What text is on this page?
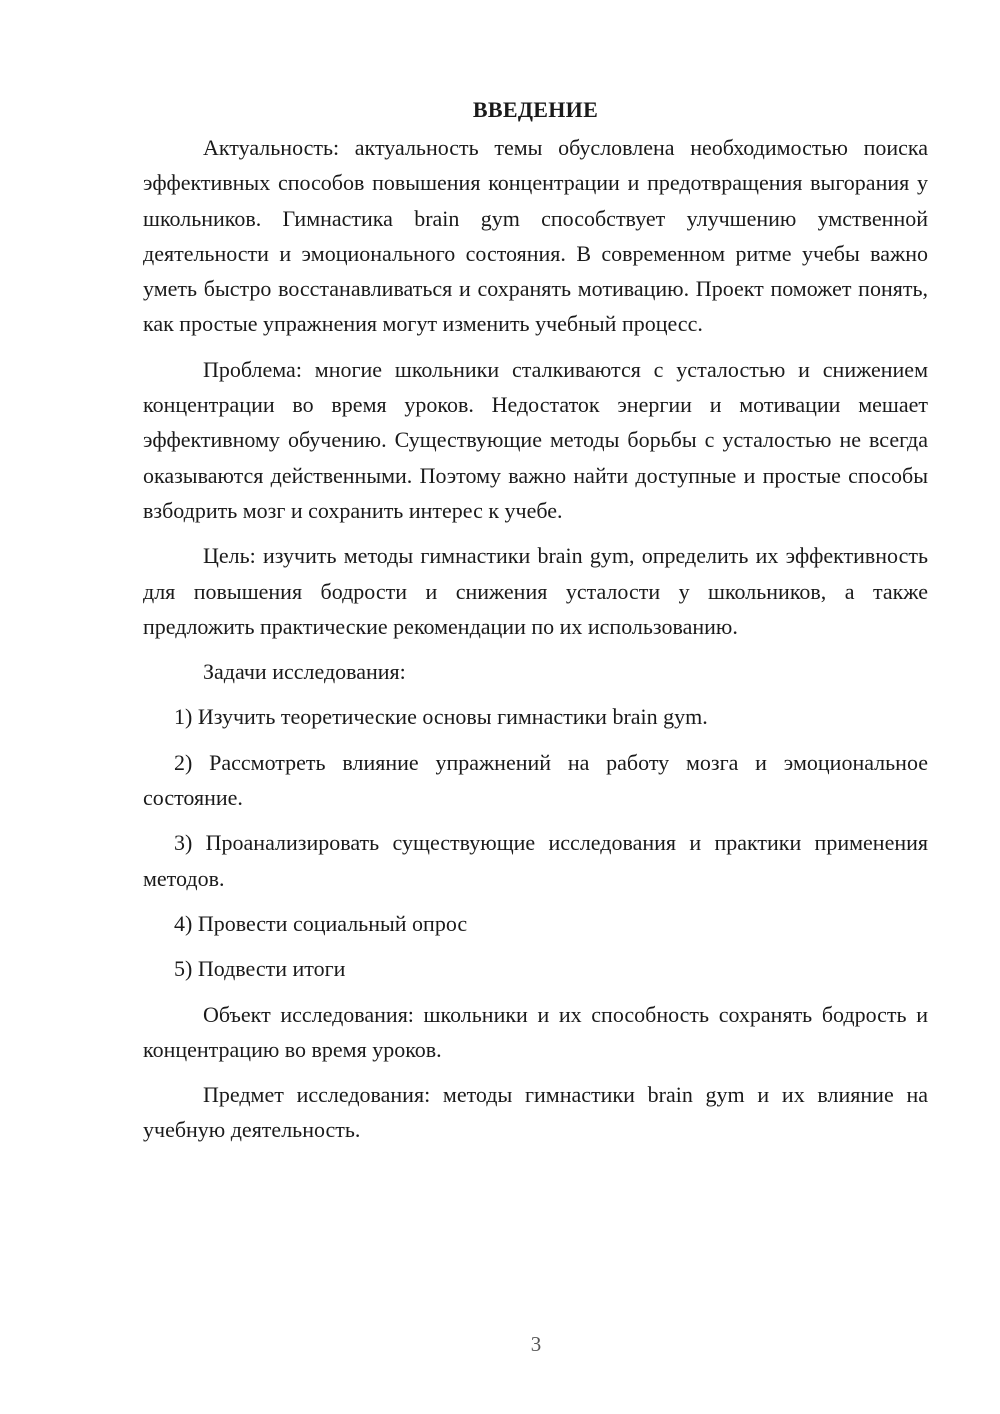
ВВЕДЕНИЕ

Актуальность: актуальность темы обусловлена необходимостью поиска эффективных способов повышения концентрации и предотвращения выгорания у школьников. Гимнастика brain gym способствует улучшению умственной деятельности и эмоционального состояния. В современном ритме учебы важно уметь быстро восстанавливаться и сохранять мотивацию. Проект поможет понять, как простые упражнения могут изменить учебный процесс.

Проблема: многие школьники сталкиваются с усталостью и снижением концентрации во время уроков. Недостаток энергии и мотивации мешает эффективному обучению. Существующие методы борьбы с усталостью не всегда оказываются действенными. Поэтому важно найти доступные и простые способы взбодрить мозг и сохранить интерес к учебе.

Цель: изучить методы гимнастики brain gym, определить их эффективность для повышения бодрости и снижения усталости у школьников, а также предложить практические рекомендации по их использованию.

Задачи исследования:

1) Изучить теоретические основы гимнастики brain gym.

2) Рассмотреть влияние упражнений на работу мозга и эмоциональное состояние.

3) Проанализировать существующие исследования и практики применения методов.

4) Провести социальный опрос

5) Подвести итоги

Объект исследования: школьники и их способность сохранять бодрость и концентрацию во время уроков.

Предмет исследования: методы гимнастики brain gym и их влияние на учебную деятельность.

3
